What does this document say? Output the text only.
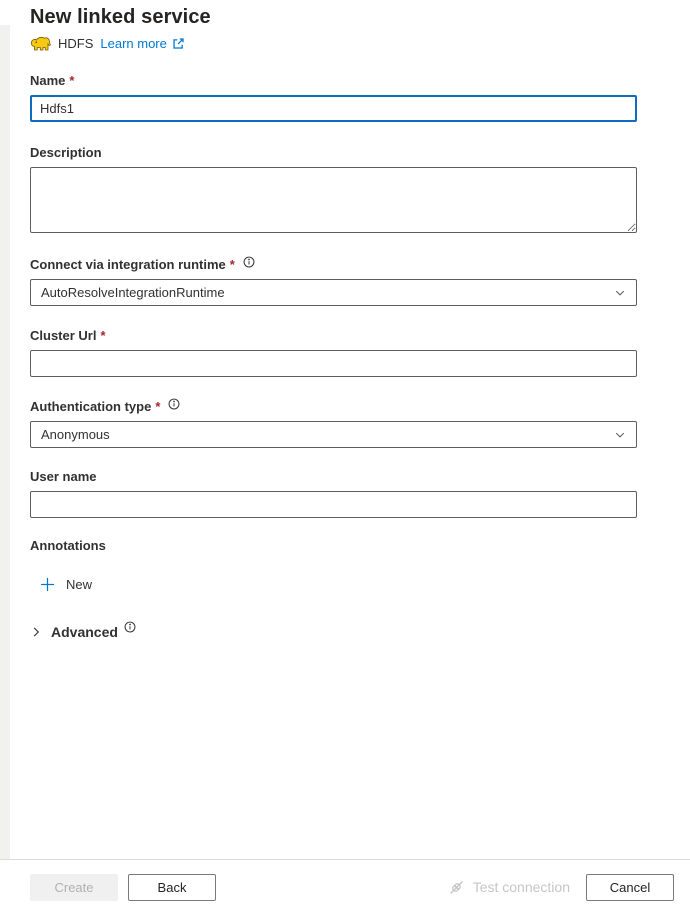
New linked service
HDFS Learn more
Name *
Hdfs1
Description
Connect via integration runtime *
AutoResolveIntegrationRuntime
Cluster Url *
Authentication type *
Anonymous
User name
Annotations
New
Advanced
Create	Back	Test connection	Cancel
